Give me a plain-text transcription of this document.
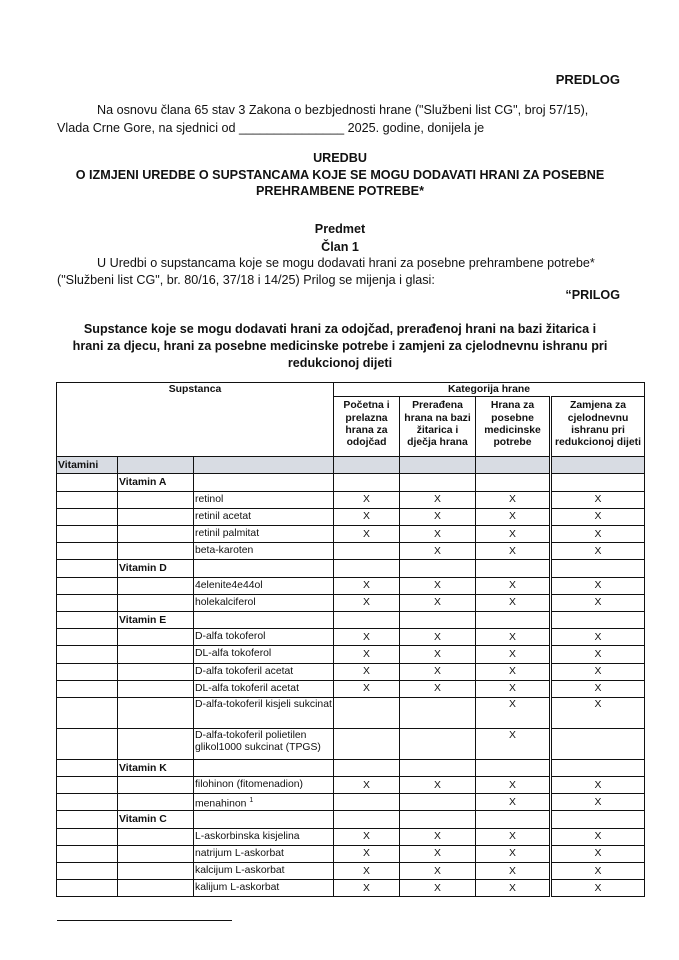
PREDLOG
Na osnovu člana 65 stav 3 Zakona o bezbjednosti hrane ("Službeni list CG", broj 57/15),
Vlada Crne Gore, na sjednici od _______________ 2025. godine, donijela je
UREDBU
O IZMJENI UREDBE O SUPSTANCAMA KOJE SE MOGU DODAVATI HRANI ZA POSEBNE
PREHRAMBENE POTREBE*
Predmet
Član 1
U Uredbi o supstancama koje se mogu dodavati hrani za posebne prehrambene potrebe*
("Službeni list CG", br. 80/16, 37/18 i 14/25) Prilog se mijenja i glasi:
“PRILOG
Supstance koje se mogu dodavati hrani za odojčad, prerađenoj hrani na bazi žitarica i
hrani za djecu, hrani za posebne medicinske potrebe i zamjeni za cjelodnevnu ishranu pri
redukcionoj dijeti
Supstanca			Kategorija hrane			
			Početna i prelazna hrana za odojčad	Prerađena hrana na bazi žitarica i dječja hrana	Hrana za posebne medicinske potrebe	Zamjena za cjelodnevnu ishranu pri redukcionoj dijeti
Vitamini						
	Vitamin A					
		retinol	X	X	X	X
		retinil acetat	X	X	X	X
		retinil palmitat	X	X	X	X
		beta-karoten		X	X	X
	Vitamin D					
		4elenite4e44ol	X	X	X	X
		holekalciferol	X	X	X	X
	Vitamin E					
		D-alfa tokoferol	X	X	X	X
		DL-alfa tokoferol	X	X	X	X
		D-alfa tokoferil acetat	X	X	X	X
		DL-alfa tokoferil acetat	X	X	X	X
		D-alfa-tokoferil kisjeli sukcinat			X	X
		D-alfa-tokoferil polietilen glikol1000 sukcinat (TPGS)			X	
	Vitamin K					
		filohinon (fitomenadion)	X	X	X	X
		menahinon $^1$			X	X
	Vitamin C					
		L-askorbinska kisjelina	X	X	X	X
		natrijum L-askorbat	X	X	X	X
		kalcijum L-askorbat	X	X	X	X
		kalijum L-askorbat	X	X	X	X
